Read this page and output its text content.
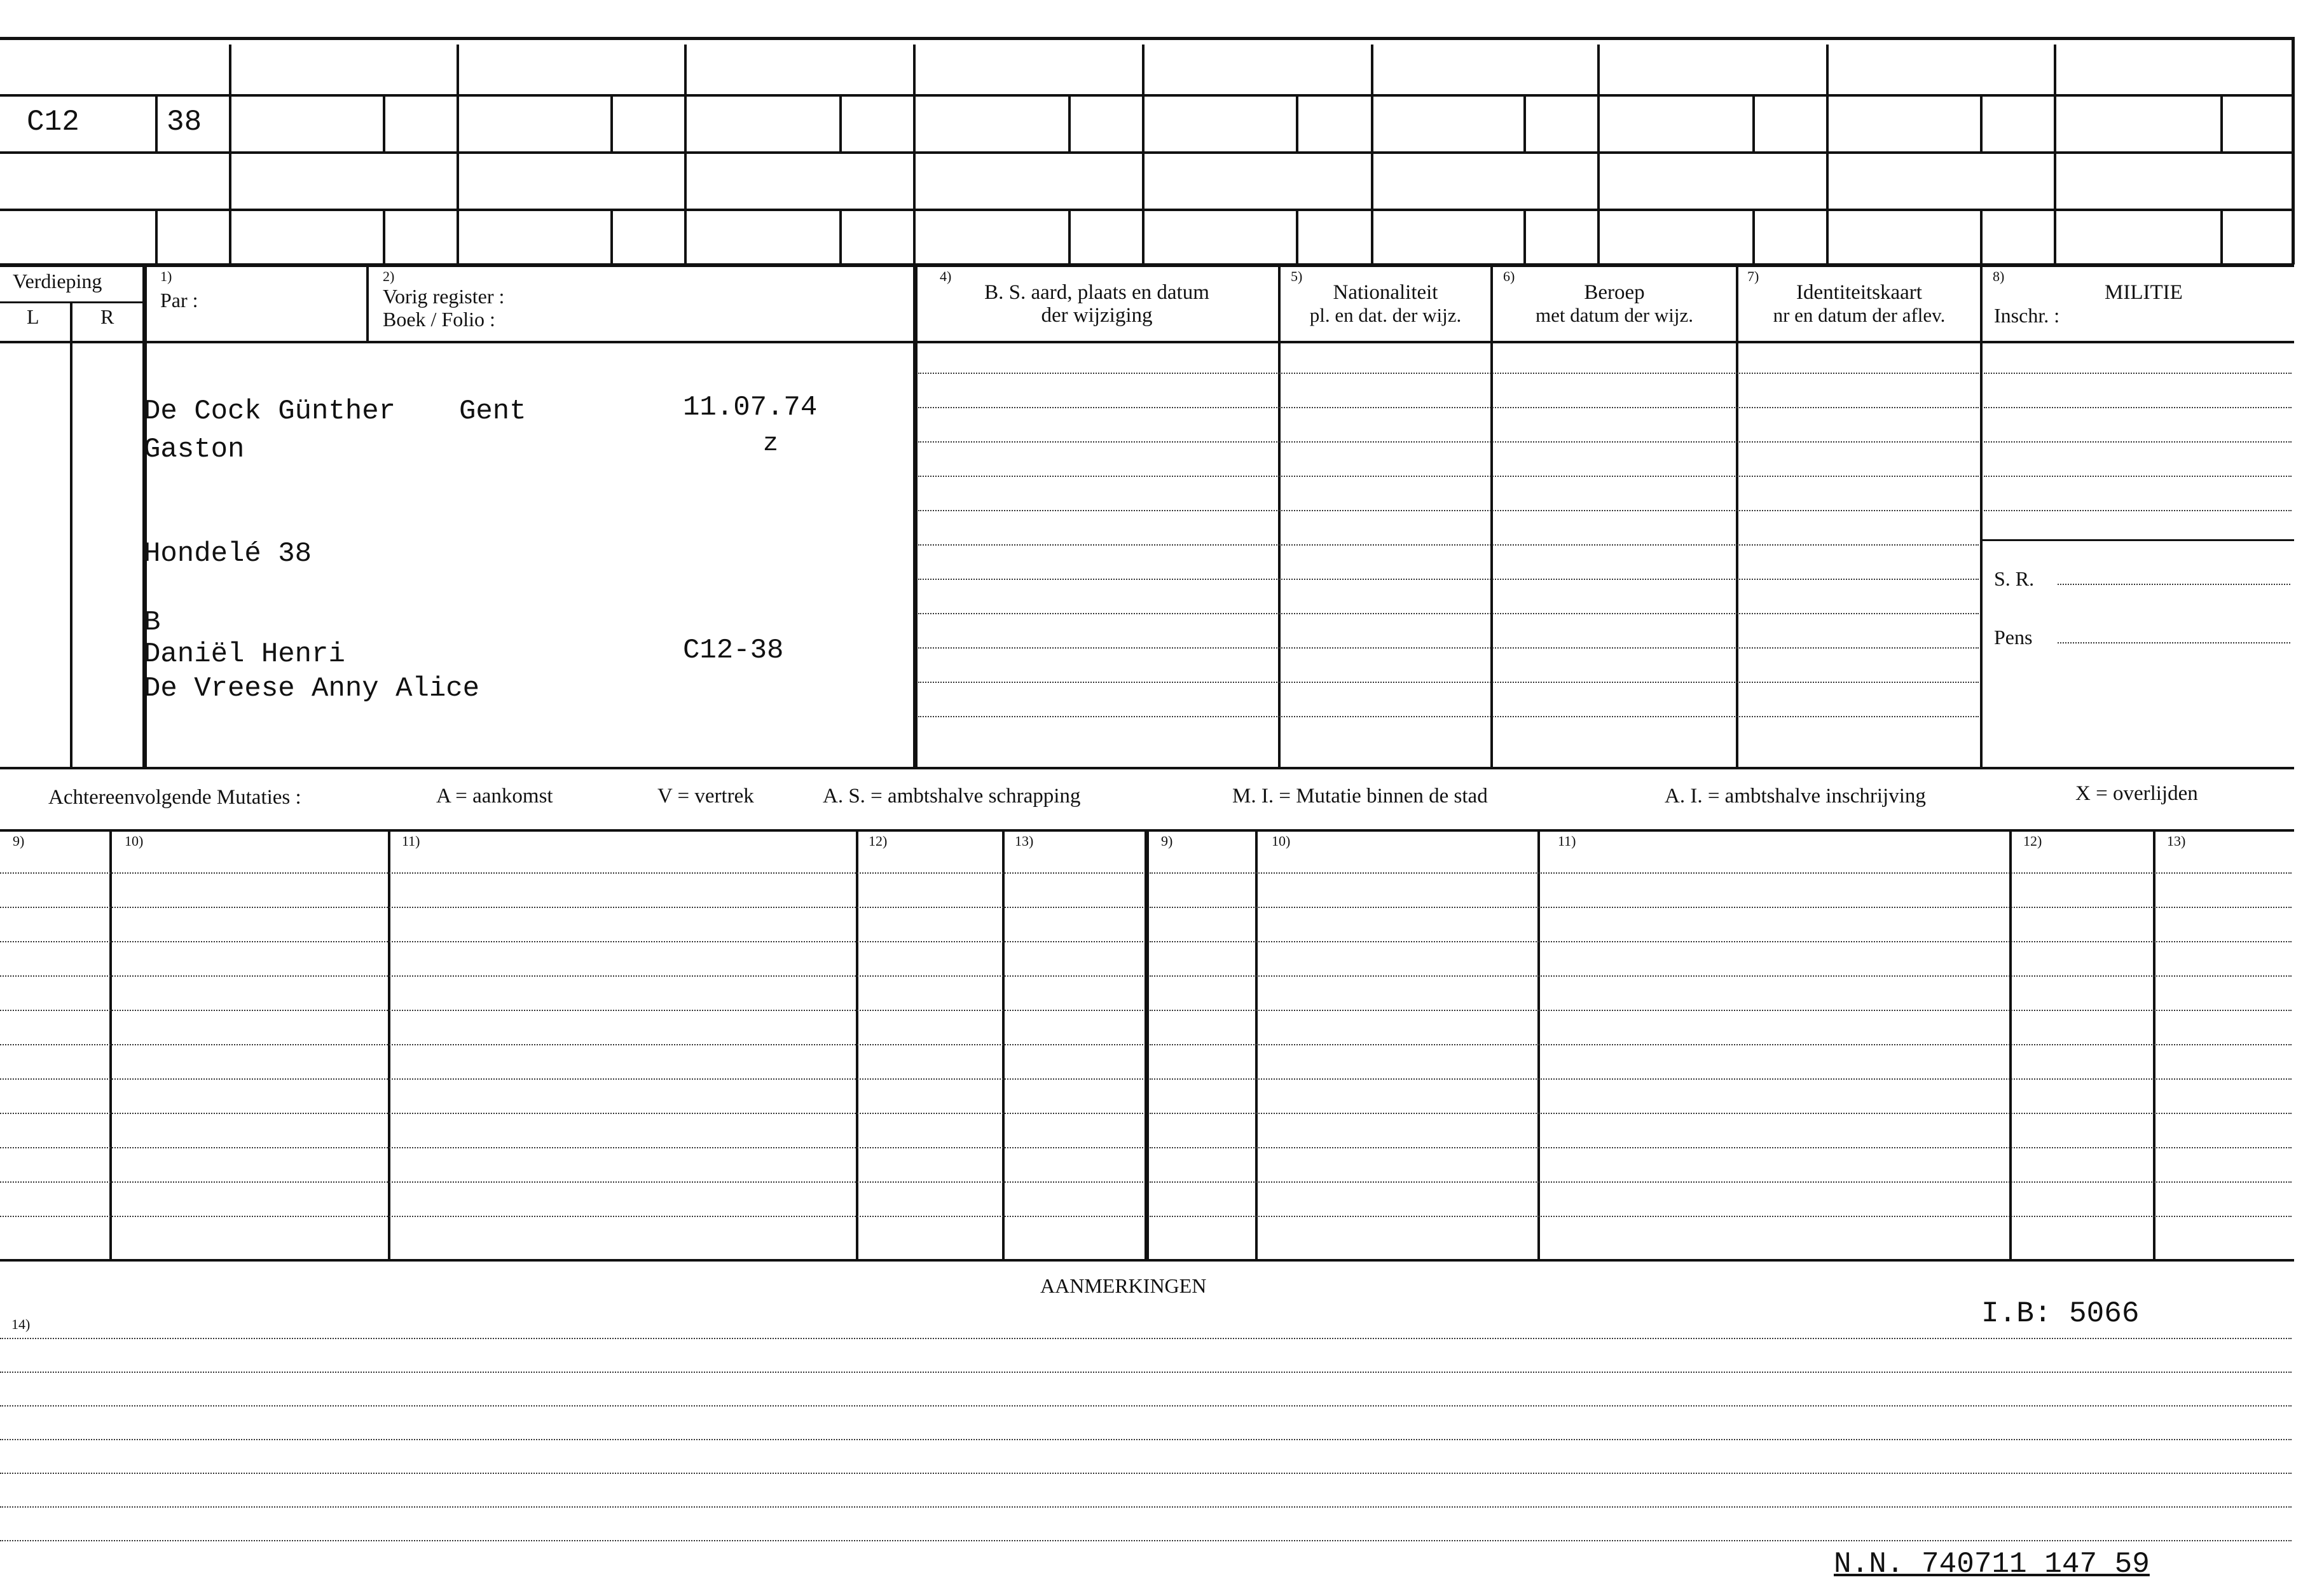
C12	38
Verdieping
L	R
1)
Par :
2)
Vorig register :
Boek / Folio :
4)
B. S. aard, plaats en datum
der wijziging
5)
Nationaliteit
pl. en dat. der wijz.
6)
Beroep
met datum der wijz.
7)
Identiteitskaart
nr en datum der aflev.
8)
MILITIE
Inschr. :
S. R.
Pens
De Cock Günther Gent	11.07.74
Gaston	z
Hondelé 38
B
Daniël Henri	C12-38
De Vreese Anny Alice
Achtereenvolgende Mutaties :	A = aankomst	V = vertrek	A. S. = ambtshalve schrapping	M. I. = Mutatie binnen de stad	A. I. = ambtshalve inschrijving	X = overlijden
9)	10)	11)	12)	13)	9)	10)	11)	12)	13)
AANMERKINGEN
14)	I.B: 5066
N.N. 740711 147 59
